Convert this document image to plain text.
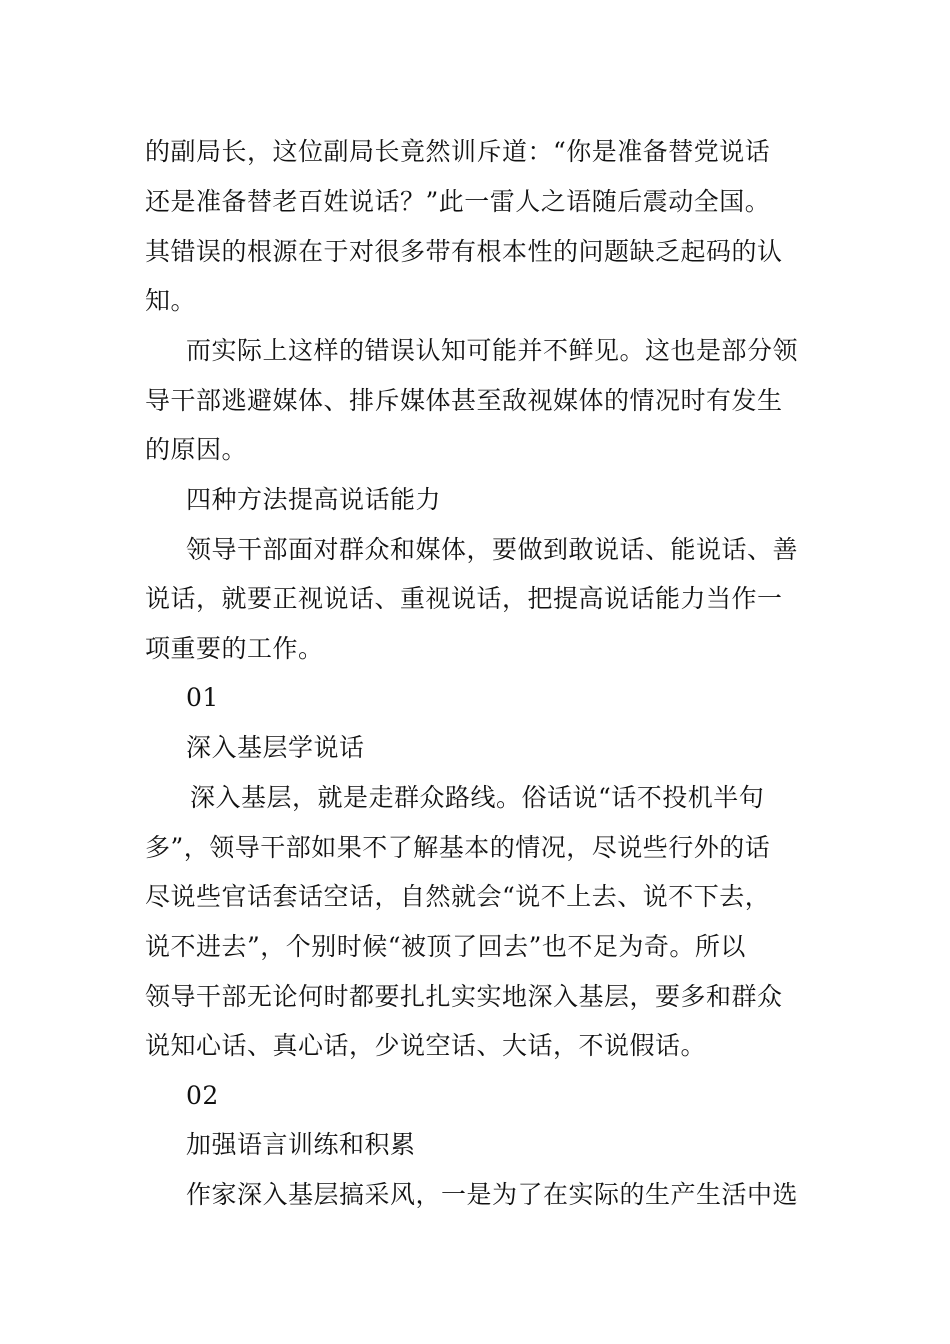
的副局长，这位副局长竟然训斥道：“你是准备替党说话
还是准备替老百姓说话？”此一雷人之语随后震动全国。
其错误的根源在于对很多带有根本性的问题缺乏起码的认
知。
而实际上这样的错误认知可能并不鲜见。这也是部分领
导干部逃避媒体、排斥媒体甚至敌视媒体的情况时有发生
的原因。
四种方法提高说话能力
领导干部面对群众和媒体，要做到敢说话、能说话、善
说话，就要正视说话、重视说话，把提高说话能力当作一
项重要的工作。
01
深入基层学说话
深入基层，就是走群众路线。俗话说“话不投机半句
多”，领导干部如果不了解基本的情况，尽说些行外的话
尽说些官话套话空话，自然就会“说不上去、说不下去，
说不进去”，个别时候“被顶了回去”也不足为奇。所以
领导干部无论何时都要扎扎实实地深入基层，要多和群众
说知心话、真心话，少说空话、大话，不说假话。
02
加强语言训练和积累
作家深入基层搞采风，一是为了在实际的生产生活中选
